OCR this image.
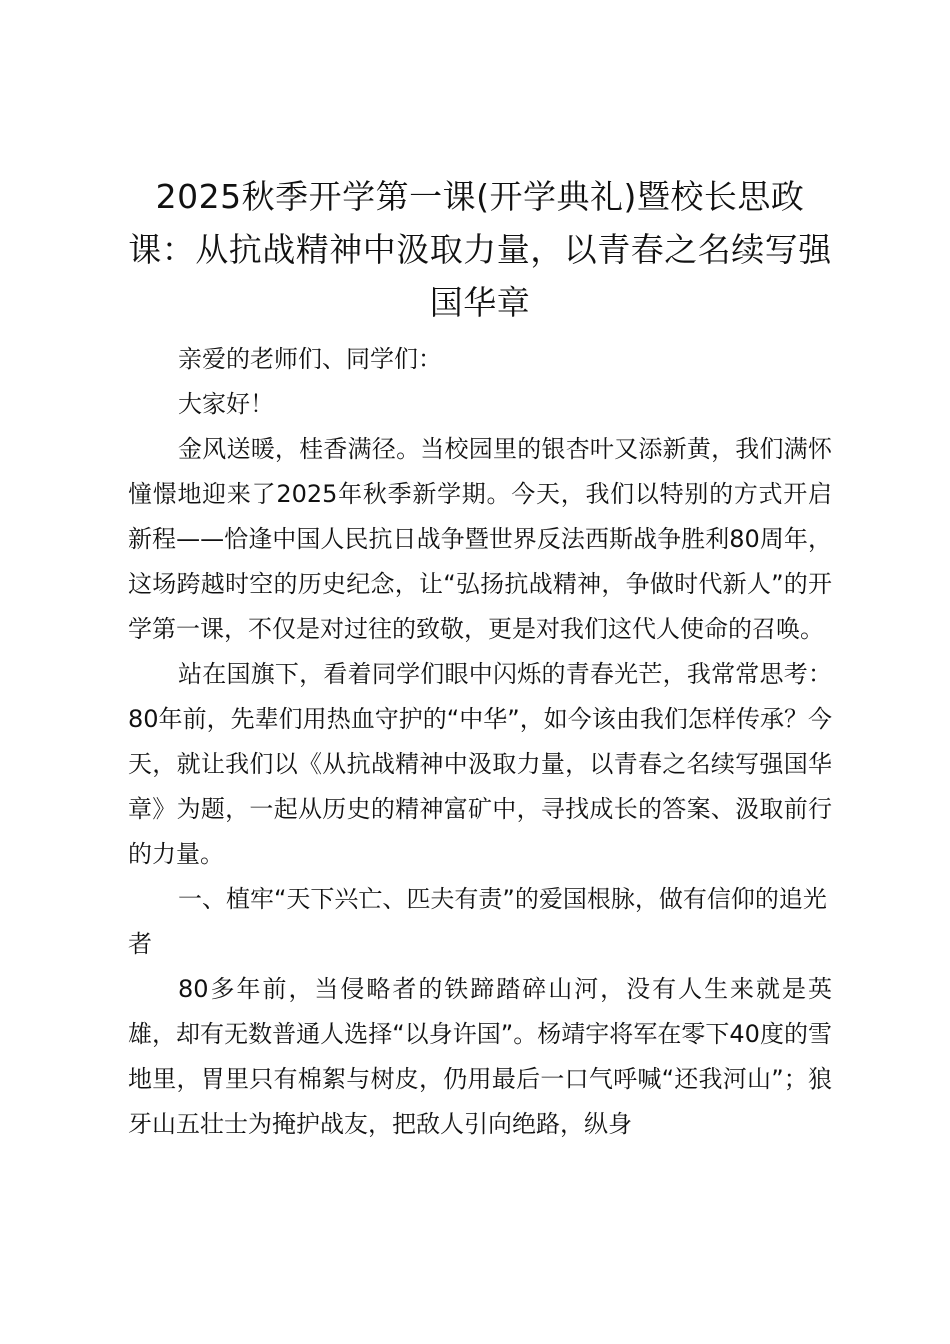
2025秋季开学第一课(开学典礼)暨校长思政课：从抗战精神中汲取力量，以青春之名续写强国华章

亲爱的老师们、同学们：

大家好！

金风送暖，桂香满径。当校园里的银杏叶又添新黄，我们满怀憧憬地迎来了2025年秋季新学期。今天，我们以特别的方式开启新程——恰逢中国人民抗日战争暨世界反法西斯战争胜利80周年，这场跨越时空的历史纪念，让“弘扬抗战精神，争做时代新人”的开学第一课，不仅是对过往的致敬，更是对我们这代人使命的召唤。

站在国旗下，看着同学们眼中闪烁的青春光芒，我常常思考：80年前，先辈们用热血守护的“中华”，如今该由我们怎样传承？今天，就让我们以《从抗战精神中汲取力量，以青春之名续写强国华章》为题，一起从历史的精神富矿中，寻找成长的答案、汲取前行的力量。

一、植牢“天下兴亡、匹夫有责”的爱国根脉，做有信仰的追光者

80多年前，当侵略者的铁蹄踏碎山河，没有人生来就是英雄，却有无数普通人选择“以身许国”。杨靖宇将军在零下40度的雪地里，胃里只有棉絮与树皮，仍用最后一口气呼喊“还我河山”；狼牙山五壮士为掩护战友，把敌人引向绝路，纵身
